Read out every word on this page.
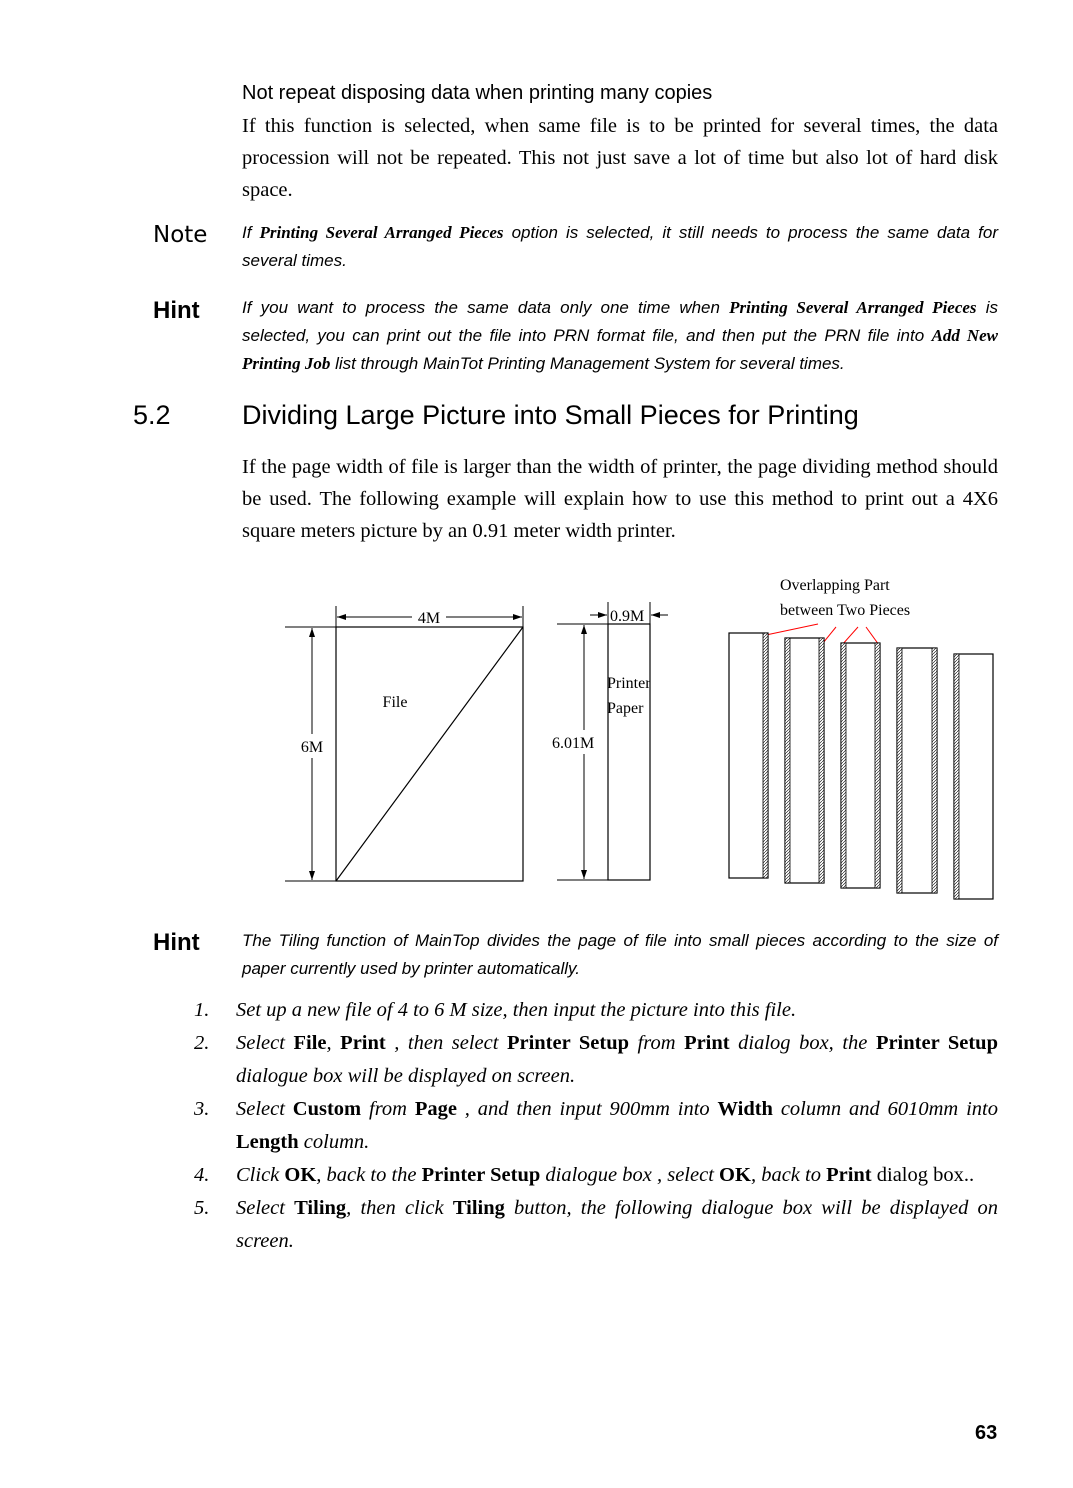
Not repeat disposing data when printing many copies
If this function is selected, when same file is to be printed for several times, the data procession will not be repeated. This not just save a lot of time but also lot of hard disk space.
Note If Printing Several Arranged Pieces option is selected, it still needs to process the same data for several times.
Hint If you want to process the same data only one time when Printing Several Arranged Pieces is selected, you can print out the file into PRN format file, and then put the PRN file into Add New Printing Job list through MainTot Printing Management System for several times.
5.2	Dividing Large Picture into Small Pieces for Printing
If the page width of file is larger than the width of printer, the page dividing method should be used. The following example will explain how to use this method to print out a 4X6 square meters picture by an 0.91 meter width printer.
4M
6M
File
0.9M
6.01M
Printer
Paper
Overlapping Part
between Two Pieces
Hint The Tiling function of MainTop divides the page of file into small pieces according to the size of paper currently used by printer automatically.
1. Set up a new file of 4 to 6 M size, then input the picture into this file.
2. Select File, Print , then select Printer Setup from Print dialog box, the Printer Setup dialogue box will be displayed on screen.
3. Select Custom from Page , and then input 900mm into Width column and 6010mm into Length column.
4. Click OK, back to the Printer Setup dialogue box , select OK, back to Print dialog box..
5. Select Tiling, then click Tiling button, the following dialogue box will be displayed on screen.
63
